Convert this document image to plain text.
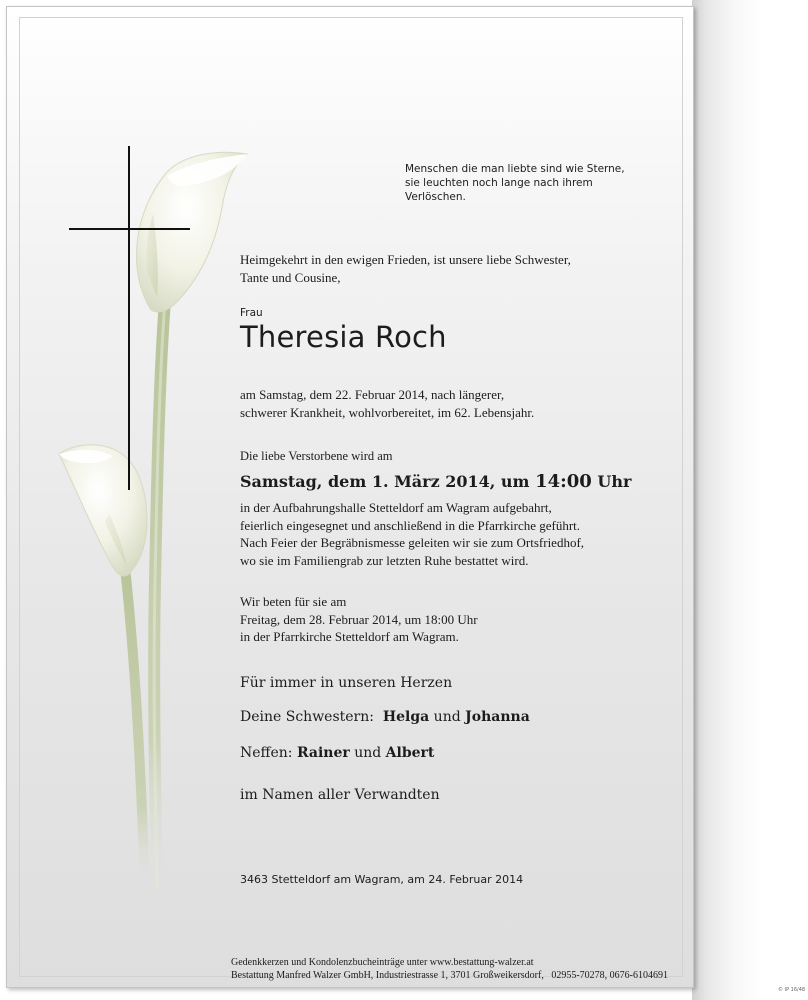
Menschen die man liebte sind wie Sterne,
sie leuchten noch lange nach ihrem
Verlöschen.
Heimgekehrt in den ewigen Frieden, ist unsere liebe Schwester,
Tante und Cousine,
Frau
Theresia Roch
am Samstag, dem 22. Februar 2014, nach längerer,
schwerer Krankheit, wohlvorbereitet, im 62. Lebensjahr.
Die liebe Verstorbene wird am
Samstag, dem 1. März 2014, um 14:00 Uhr
in der Aufbahrungshalle Stetteldorf am Wagram aufgebahrt,
feierlich eingesegnet und anschließend in die Pfarrkirche geführt.
Nach Feier der Begräbnismesse geleiten wir sie zum Ortsfriedhof,
wo sie im Familiengrab zur letzten Ruhe bestattet wird.
Wir beten für sie am
Freitag, dem 28. Februar 2014, um 18:00 Uhr
in der Pfarrkirche Stetteldorf am Wagram.
Für immer in unseren Herzen
Deine Schwestern: Helga und Johanna
Neffen: Rainer und Albert
im Namen aller Verwandten
3463 Stetteldorf am Wagram, am 24. Februar 2014
Gedenkkerzen und Kondolenzbucheinträge unter www.bestattung-walzer.at
Bestattung Manfred Walzer GmbH, Industriestrasse 1, 3701 Großweikersdorf,   02955-70278, 0676-6104691
© IP 16/48
